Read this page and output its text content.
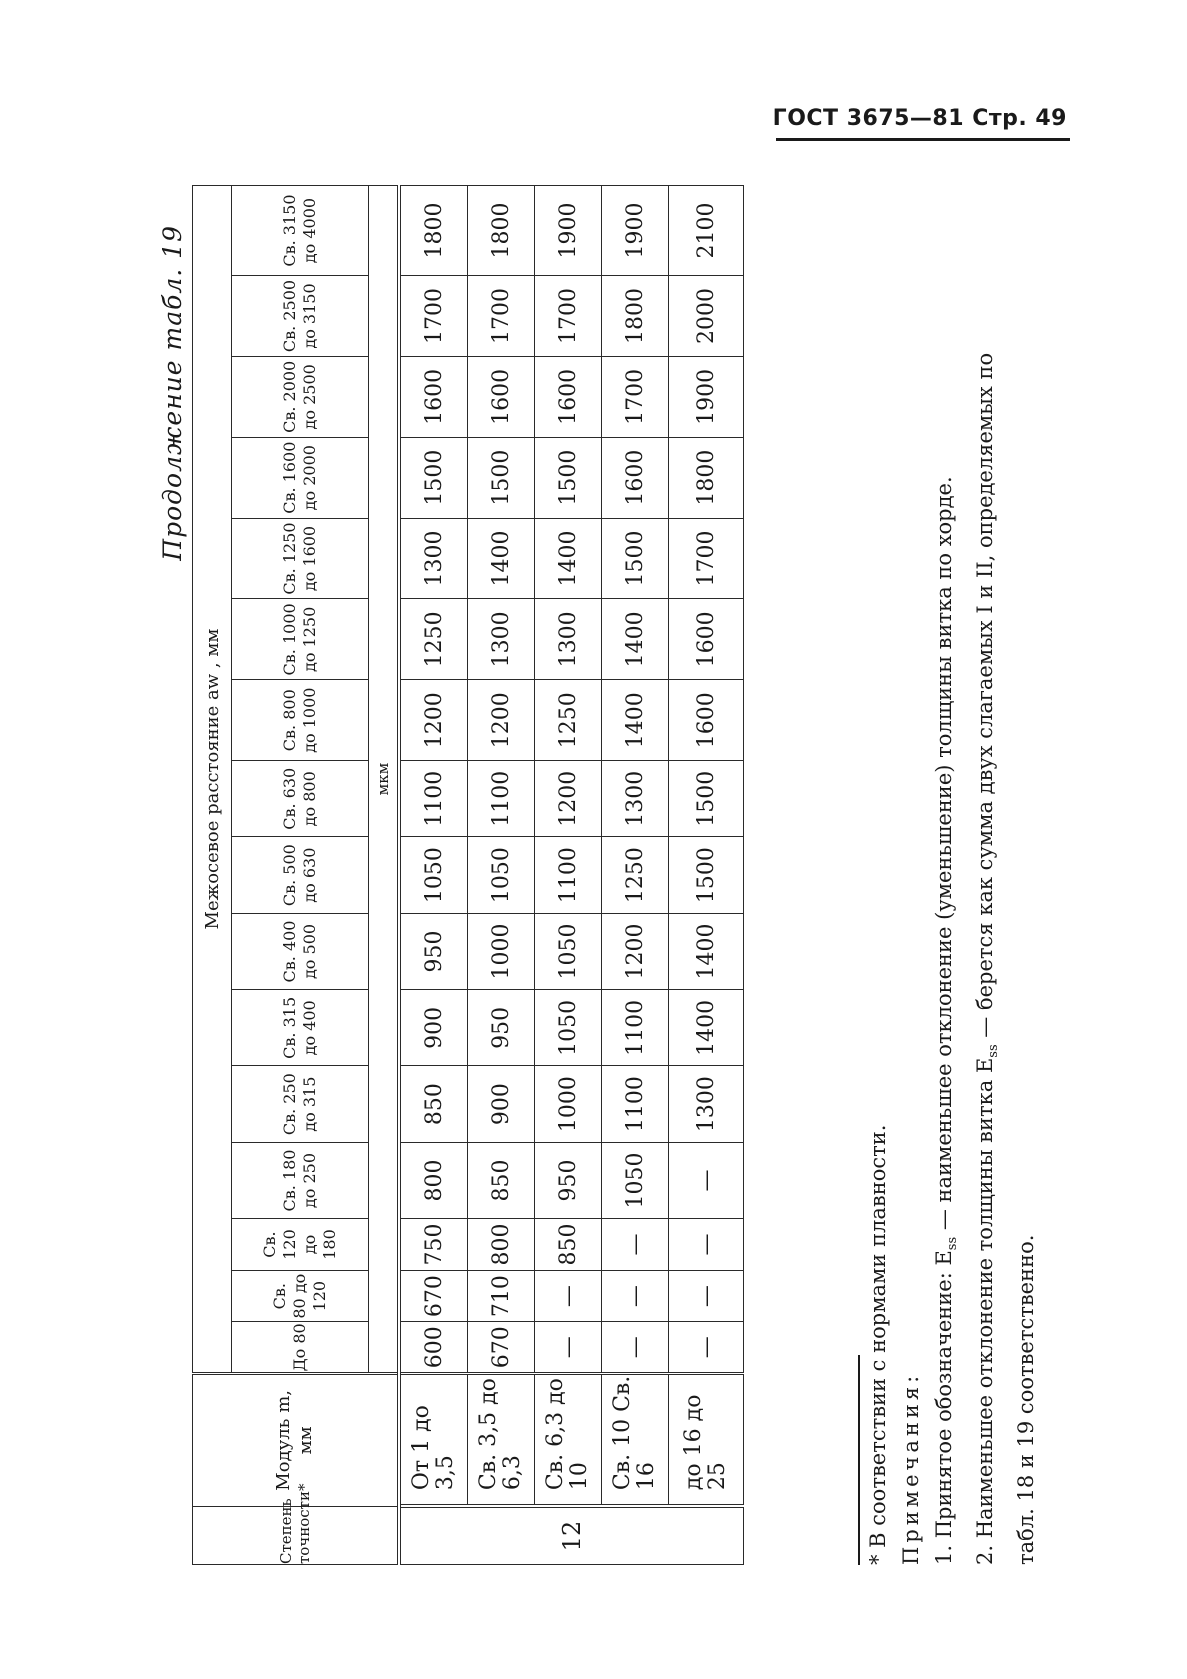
ГОСТ 3675—81 Стр. 49
Продолжение табл. 19
Степень точности*	Модуль m, мм	Межосевое расстояние aw , мм															
		До 80	Св. 80 до 120	Св. 120 до 180	Св. 180 до 250	Св. 250 до 315	Св. 315 до 400	Св. 400 до 500	Св. 500 до 630	Св. 630 до 800	Св. 800 до 1000	Св. 1000 до 1250	Св. 1250 до 1600	Св. 1600 до 2000	Св. 2000 до 2500	Св. 2500 до 3150	Св. 3150 до 4000
		мкм															
12	От 1 до 3,5	600	670	750	800	850	900	950	1050	1100	1200	1250	1300	1500	1600	1700	1800
	Св. 3,5 до 6,3	670	710	800	850	900	950	1000	1050	1100	1200	1300	1400	1500	1600	1700	1800
	Св. 6,3 до 10	—	—	850	950	1000	1050	1050	1100	1200	1250	1300	1400	1500	1600	1700	1900
	Св. 10 Св. 16	—	—	—	1050	1100	1100	1200	1250	1300	1400	1400	1500	1600	1700	1800	1900
	до 16 до 25	—	—	—	—	1300	1400	1400	1500	1500	1600	1600	1700	1800	1900	2000	2100

* В соответствии с нормами плавности. Примечания: 1. Принятое обозначение: $E_{ss}$ — наименьшее отклонение (уменьшение) толщины витка по хорде.

2. Наименьшее отклонение толщины витка $E_{ss}$ — берется как сумма двух слагаемых I и II, определяемых по

табл. 18 и 19 соответственно.
